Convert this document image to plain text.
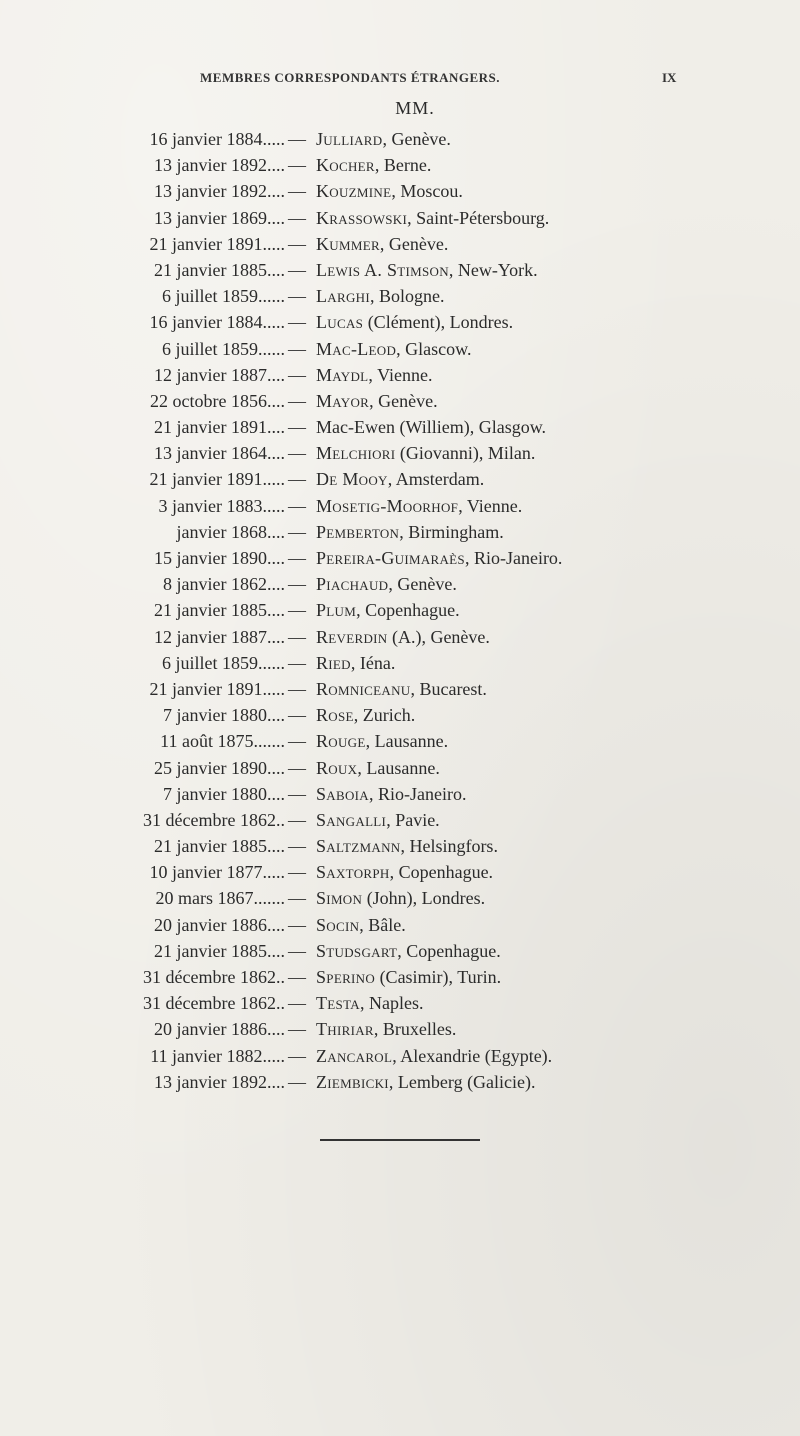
MEMBRES CORRESPONDANTS ÉTRANGERS.	IX
MM.
16 janvier 1884..... — Julliard, Genève.
13 janvier 1892.... — Kocher, Berne.
13 janvier 1892.... — Kouzmine, Moscou.
13 janvier 1869.... — Krassowski, Saint-Pétersbourg.
21 janvier 1891..... — Kummer, Genève.
21 janvier 1885.... — Lewis A. Stimson, New-York.
6 juillet 1859...... — Larghi, Bologne.
16 janvier 1884..... — Lucas (Clément), Londres.
6 juillet 1859...... — Mac-Leod, Glascow.
12 janvier 1887.... — Maydl, Vienne.
22 octobre 1856.... — Mayor, Genève.
21 janvier 1891.... — Mac-Ewen (Williem), Glasgow.
13 janvier 1864.... — Melchiori (Giovanni), Milan.
21 janvier 1891..... — De Mooy, Amsterdam.
3 janvier 1883..... — Mosetig-Moorhof, Vienne.
janvier 1868.... — Pemberton, Birmingham.
15 janvier 1890.... — Pereira-Guimaraès, Rio-Janeiro.
8 janvier 1862.... — Piachaud, Genève.
21 janvier 1885.... — Plum, Copenhague.
12 janvier 1887.... — Reverdin (A.), Genève.
6 juillet 1859...... — Ried, Iéna.
21 janvier 1891..... — Romniceanu, Bucarest.
7 janvier 1880.... — Rose, Zurich.
11 août 1875....... — Rouge, Lausanne.
25 janvier 1890.... — Roux, Lausanne.
7 janvier 1880.... — Saboia, Rio-Janeiro.
31 décembre 1862.. — Sangalli, Pavie.
21 janvier 1885.... — Saltzmann, Helsingfors.
10 janvier 1877..... — Saxtorph, Copenhague.
20 mars 1867....... — Simon (John), Londres.
20 janvier 1886.... — Socin, Bâle.
21 janvier 1885.... — Studsgart, Copenhague.
31 décembre 1862.. — Sperino (Casimir), Turin.
31 décembre 1862.. — Testa, Naples.
20 janvier 1886.... — Thiriar, Bruxelles.
11 janvier 1882..... — Zancarol, Alexandrie (Egypte).
13 janvier 1892.... — Ziembicki, Lemberg (Galicie).
